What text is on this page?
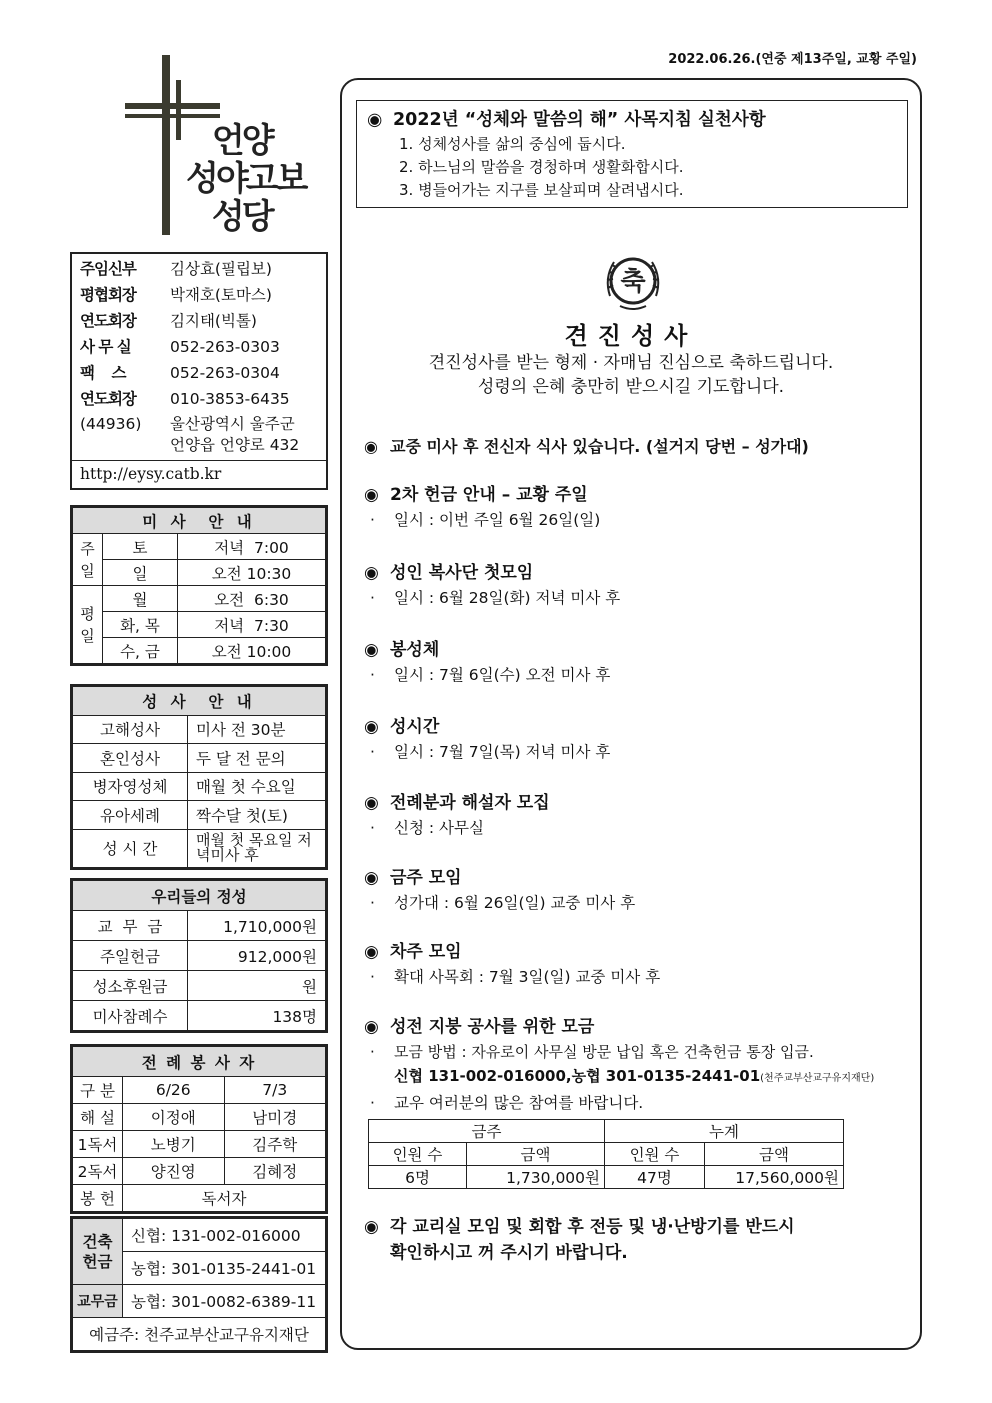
2022.06.26.(연중 제13주일, 교황 주일)
언양
성야고보
성당
주임신부	김상효(필립보)
평협회장	박재호(토마스)
연도회장	김지태(빅톨)
사 무 실	052-263-0303
팩    스	052-263-0304
연도회장	010-3853-6435
(44936)	울산광역시 울주군
언양읍 언양로 432
http://eysy.catb.kr
미 사  안 내		

주일	토	저녁  7:00
	일	오전 10:30

평일	월	오전  6:30
	화, 목	저녁  7:30
	수, 금	오전 10:00
성 사  안 내	
고해성사	미사 전 30분
혼인성사	두 달 전 문의
병자영성체	매월 첫 수요일
유아세례	짝수달 첫(토)
성 시 간	매월 첫 목요일 저녁미사 후
우리들의 정성	
교  무  금	1,710,000원
주일헌금	912,000원
성소후원금	원
미사참례수	138명
전 례 봉 사 자		
구 분	6/26	7/3
해 설	이정애	남미경
1독서	노병기	김주학
2독서	양진영	김혜정
봉 헌	독서자	
건축헌금	신협: 131-002-016000
	농협: 301-0135-2441-01
교무금	농협: 301-0082-6389-11
예금주: 천주교부산교구유지재단	
◉ 2022년 “성체와 말씀의 해” 사목지침 실천사항
1. 성체성사를 삶의 중심에 둡시다.
2. 하느님의 말씀을 경청하며 생활화합시다.
3. 병들어가는 지구를 보살피며 살려냅시다.
축
견진성사
견진성사를 받는 형제 · 자매님 진심으로 축하드립니다.
성령의 은혜 충만히 받으시길 기도합니다.
◉ 교중 미사 후 전신자 식사 있습니다. (설거지 당번 – 성가대)
◉ 2차 헌금 안내 – 교황 주일
· 일시 : 이번 주일 6월 26일(일)
◉ 성인 복사단 첫모임
· 일시 : 6월 28일(화) 저녁 미사 후
◉ 봉성체
· 일시 : 7월 6일(수) 오전 미사 후
◉ 성시간
· 일시 : 7월 7일(목) 저녁 미사 후
◉ 전례분과 해설자 모집
· 신청 : 사무실
◉ 금주 모임
· 성가대 : 6월 26일(일) 교중 미사 후
◉ 차주 모임
· 확대 사목회 : 7월 3일(일) 교중 미사 후
◉ 성전 지붕 공사를 위한 모금
· 모금 방법 : 자유로이 사무실 방문 납입 혹은 건축헌금 통장 입금.
신협 131-002-016000,농협 301-0135-2441-01(천주교부산교구유지재단)
· 교우 여러분의 많은 참여를 바랍니다.
금주		누계	
인원 수	금액	인원 수	금액
6명	1,730,000원	47명	17,560,000원
◉ 각 교리실 모임 및 회합 후 전등 및 냉·난방기를 반드시
확인하시고 꺼 주시기 바랍니다.
